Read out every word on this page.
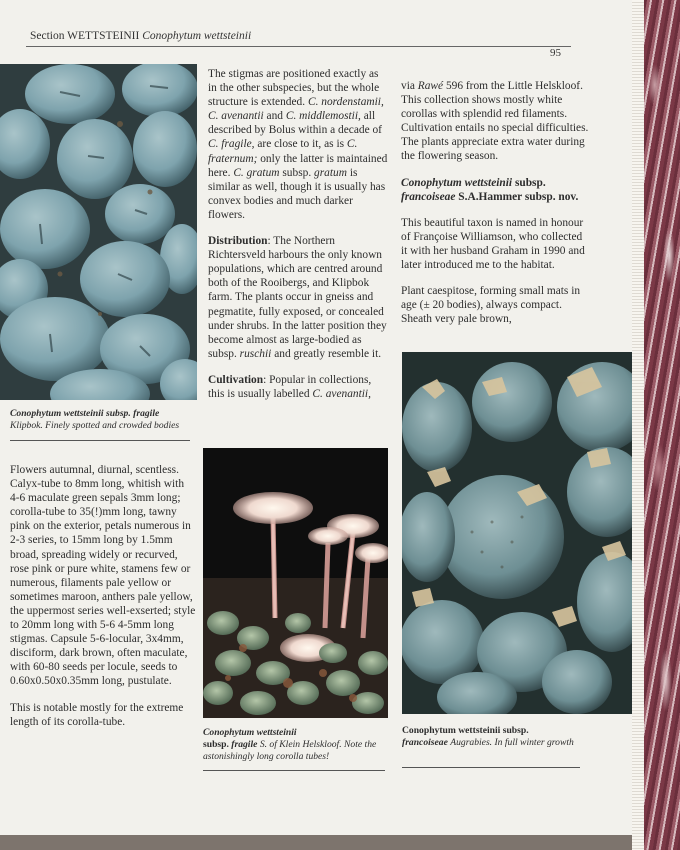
Section WETTSTEINII Conophytum wettsteinii
95
Conophytum wettsteinii subsp. fragile
Klipbok. Finely spotted and crowded bodies

Flowers autumnal, diurnal, scentless. Calyx-tube to 8mm long, whitish with 4-6 maculate green sepals 3mm long; corolla-tube to 35(!)mm long, tawny pink on the exterior, petals numerous in 2-3 series, to 15mm long by 1.5mm broad, spreading widely or recurved, rose pink or pure white, stamens few or numerous, filaments pale yellow or sometimes maroon, anthers pale yellow, the uppermost series well-exserted; style to 20mm long with 5-6 4-5mm long stigmas. Capsule 5-6-locular, 3x4mm, disciform, dark brown, often maculate, with 60-80 seeds per locule, seeds to 0.60x0.50x0.35mm long, pustulate.

This is notable mostly for the extreme length of its corolla-tube.

The stigmas are positioned exactly as in the other subspecies, but the whole structure is extended. C. nordenstamii, C. avenantii and C. middlemostii, all described by Bolus within a decade of C. fragile, are close to it, as is C. fraternum; only the latter is maintained here. C. gratum subsp. gratum is similar as well, though it is usually has convex bodies and much darker flowers.

Distribution: The Northern Richtersveld harbours the only known populations, which are centred around both of the Rooibergs, and Klipbok farm. The plants occur in gneiss and pegmatite, fully exposed, or concealed under shrubs. In the latter position they become almost as large-bodied as subsp. ruschii and greatly resemble it.

Cultivation: Popular in collections, this is usually labelled C. avenantii,

Conophytum wettsteinii
subsp. fragile S. of Klein Helskloof. Note the astonishingly long corolla tubes!

via Rawé 596 from the Little Helskloof. This collection shows mostly white corollas with splendid red filaments. Cultivation entails no special difficulties. The plants appreciate extra water during the flowering season.

Conophytum wettsteinii subsp. francoiseae S.A.Hammer subsp. nov.

This beautiful taxon is named in honour of Françoise Williamson, who collected it with her husband Graham in 1990 and later introduced me to the habitat.

Plant caespitose, forming small mats in age (± 20 bodies), always compact. Sheath very pale brown,

Conophytum wettsteinii subsp.
francoiseae Augrabies. In full winter growth
